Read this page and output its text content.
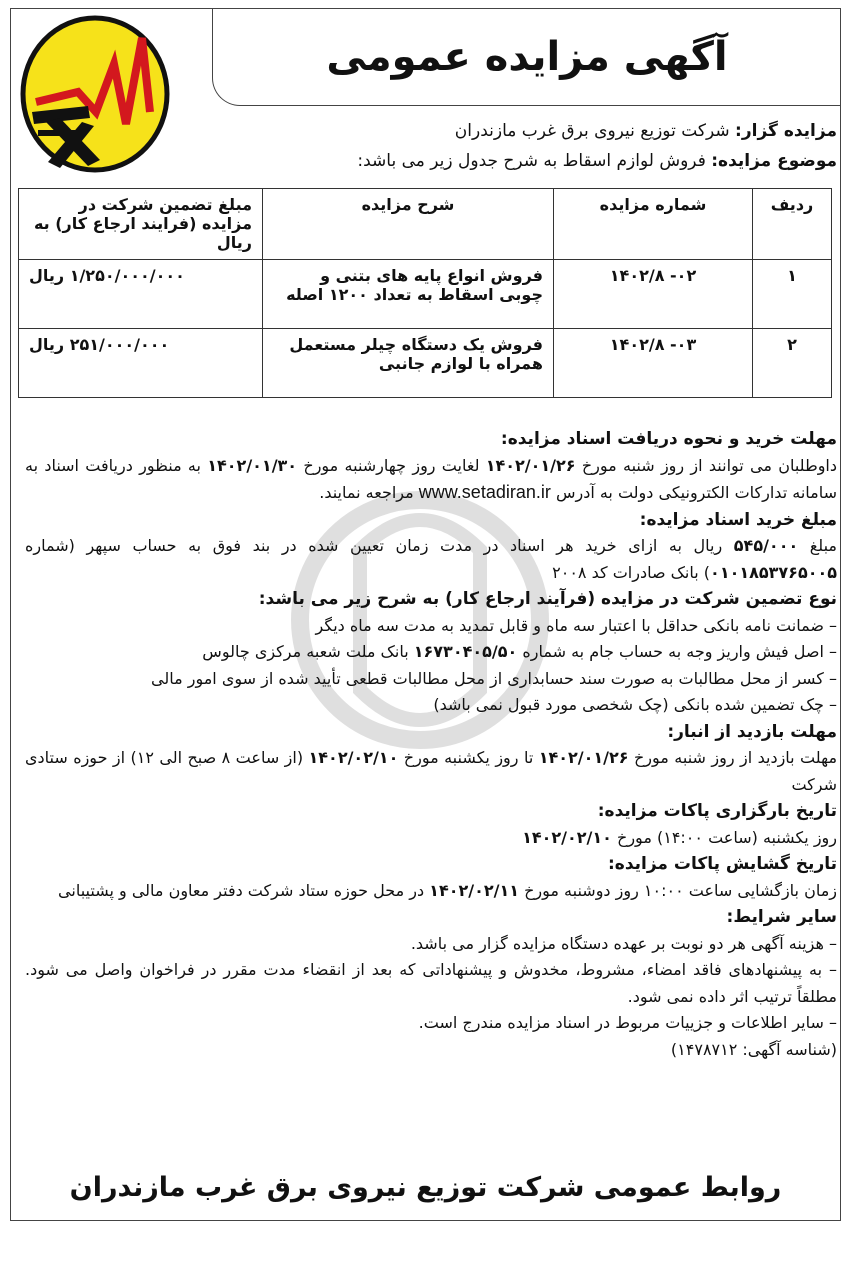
آگهی مزایده عمومی
مزایده گزار: شرکت توزیع نیروی برق غرب مازندران
موضوع مزایده: فروش لوازم اسقاط به شرح جدول زیر می باشد:
ردیف	شماره مزایده	شرح مزایده	مبلغ تضمین شرکت در مزایده (فرایند ارجاع کار) به ریال
۱	۰۲- ۱۴۰۲/۸	فروش انواع پایه های بتنی و چوبی اسقاط به تعداد ۱۲۰۰ اصله	۱/۲۵۰/۰۰۰/۰۰۰ ریال
۲	۰۳- ۱۴۰۲/۸	فروش یک دستگاه چیلر مستعمل همراه با لوازم جانبی	۲۵۱/۰۰۰/۰۰۰ ریال

مهلت خرید و نحوه دریافت اسناد مزایده:

داوطلبان می توانند از روز شنبه مورخ ۱۴۰۲/۰۱/۲۶ لغایت روز چهارشنبه مورخ ۱۴۰۲/۰۱/۳۰ به منظور دریافت اسناد به سامانه تدارکات الکترونیکی دولت به آدرس www.setadiran.ir مراجعه نمایند.

مبلغ خرید اسناد مزایده:

مبلغ ۵۴۵/۰۰۰ ریال به ازای خرید هر اسناد در مدت زمان تعیین شده در بند فوق به حساب سپهر (شماره ۰۱۰۱۸۵۳۷۶۵۰۰۵) بانک صادرات کد ۲۰۰۸

نوع تضمین شرکت در مزایده (فرآیند ارجاع کار) به شرح زیر می باشد:

– ضمانت نامه بانکی حداقل با اعتبار سه ماه و قابل تمدید به مدت سه ماه دیگر

– اصل فیش واریز وجه به حساب جام به شماره ۱۶۷۳۰۴۰۵/۵۰ بانک ملت شعبه مرکزی چالوس

– کسر از محل مطالبات به صورت سند حسابداری از محل مطالبات قطعی تأیید شده از سوی امور مالی

– چک تضمین شده بانکی (چک شخصی مورد قبول نمی باشد)

مهلت بازدید از انبار:

مهلت بازدید از روز شنبه مورخ ۱۴۰۲/۰۱/۲۶ تا روز یکشنبه مورخ ۱۴۰۲/۰۲/۱۰ (از ساعت ۸ صبح الی ۱۲) از حوزه ستادی شرکت

تاریخ بارگزاری پاکات مزایده:

روز یکشنبه (ساعت ۱۴:۰۰) مورخ ۱۴۰۲/۰۲/۱۰

تاریخ گشایش پاکات مزایده:

زمان بازگشایی ساعت ۱۰:۰۰ روز دوشنبه مورخ ۱۴۰۲/۰۲/۱۱ در محل حوزه ستاد شرکت دفتر معاون مالی و پشتیبانی

سایر شرایط:

– هزینه آگهی هر دو نوبت بر عهده دستگاه مزایده گزار می باشد.

– به پیشنهادهای فاقد امضاء، مشروط، مخدوش و پیشنهاداتی که بعد از انقضاء مدت مقرر در فراخوان واصل می شود. مطلقاً ترتیب اثر داده نمی شود.

– سایر اطلاعات و جزییات مربوط در اسناد مزایده مندرج است.

(شناسه آگهی: ۱۴۷۸۷۱۲)

روابط عمومی شرکت توزیع نیروی برق غرب مازندران
